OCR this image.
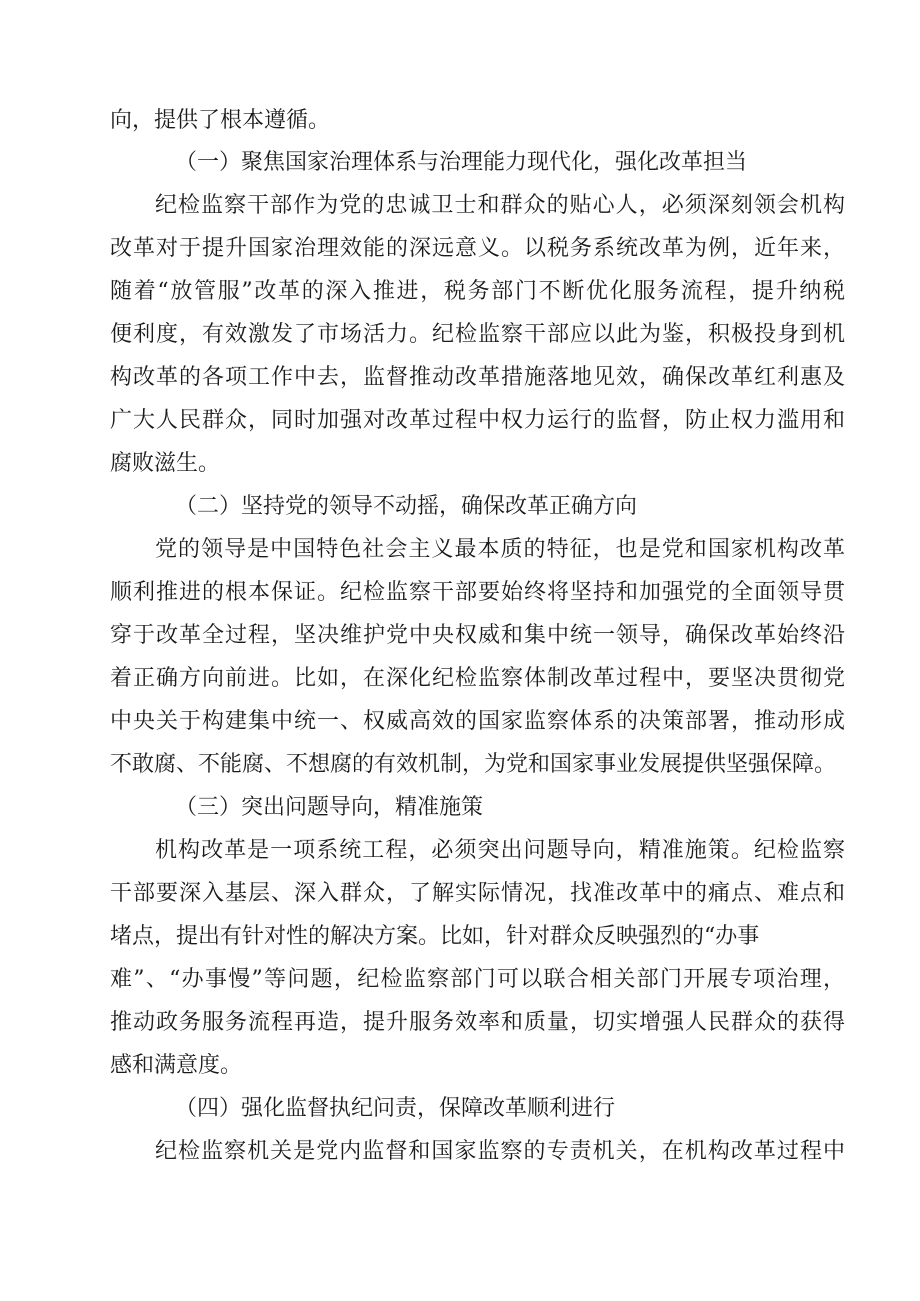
向，提供了根本遵循。
（一）聚焦国家治理体系与治理能力现代化，强化改革担当
纪检监察干部作为党的忠诚卫士和群众的贴心人，必须深刻领会机构
改革对于提升国家治理效能的深远意义。以税务系统改革为例，近年来，
随着“放管服”改革的深入推进，税务部门不断优化服务流程，提升纳税
便利度，有效激发了市场活力。纪检监察干部应以此为鉴，积极投身到机
构改革的各项工作中去，监督推动改革措施落地见效，确保改革红利惠及
广大人民群众，同时加强对改革过程中权力运行的监督，防止权力滥用和
腐败滋生。
（二）坚持党的领导不动摇，确保改革正确方向
党的领导是中国特色社会主义最本质的特征，也是党和国家机构改革
顺利推进的根本保证。纪检监察干部要始终将坚持和加强党的全面领导贯
穿于改革全过程，坚决维护党中央权威和集中统一领导，确保改革始终沿
着正确方向前进。比如，在深化纪检监察体制改革过程中，要坚决贯彻党
中央关于构建集中统一、权威高效的国家监察体系的决策部署，推动形成
不敢腐、不能腐、不想腐的有效机制，为党和国家事业发展提供坚强保障。
（三）突出问题导向，精准施策
机构改革是一项系统工程，必须突出问题导向，精准施策。纪检监察
干部要深入基层、深入群众，了解实际情况，找准改革中的痛点、难点和
堵点，提出有针对性的解决方案。比如，针对群众反映强烈的“办事
难”、“办事慢”等问题，纪检监察部门可以联合相关部门开展专项治理，
推动政务服务流程再造，提升服务效率和质量，切实增强人民群众的获得
感和满意度。
（四）强化监督执纪问责，保障改革顺利进行
纪检监察机关是党内监督和国家监察的专责机关，在机构改革过程中
